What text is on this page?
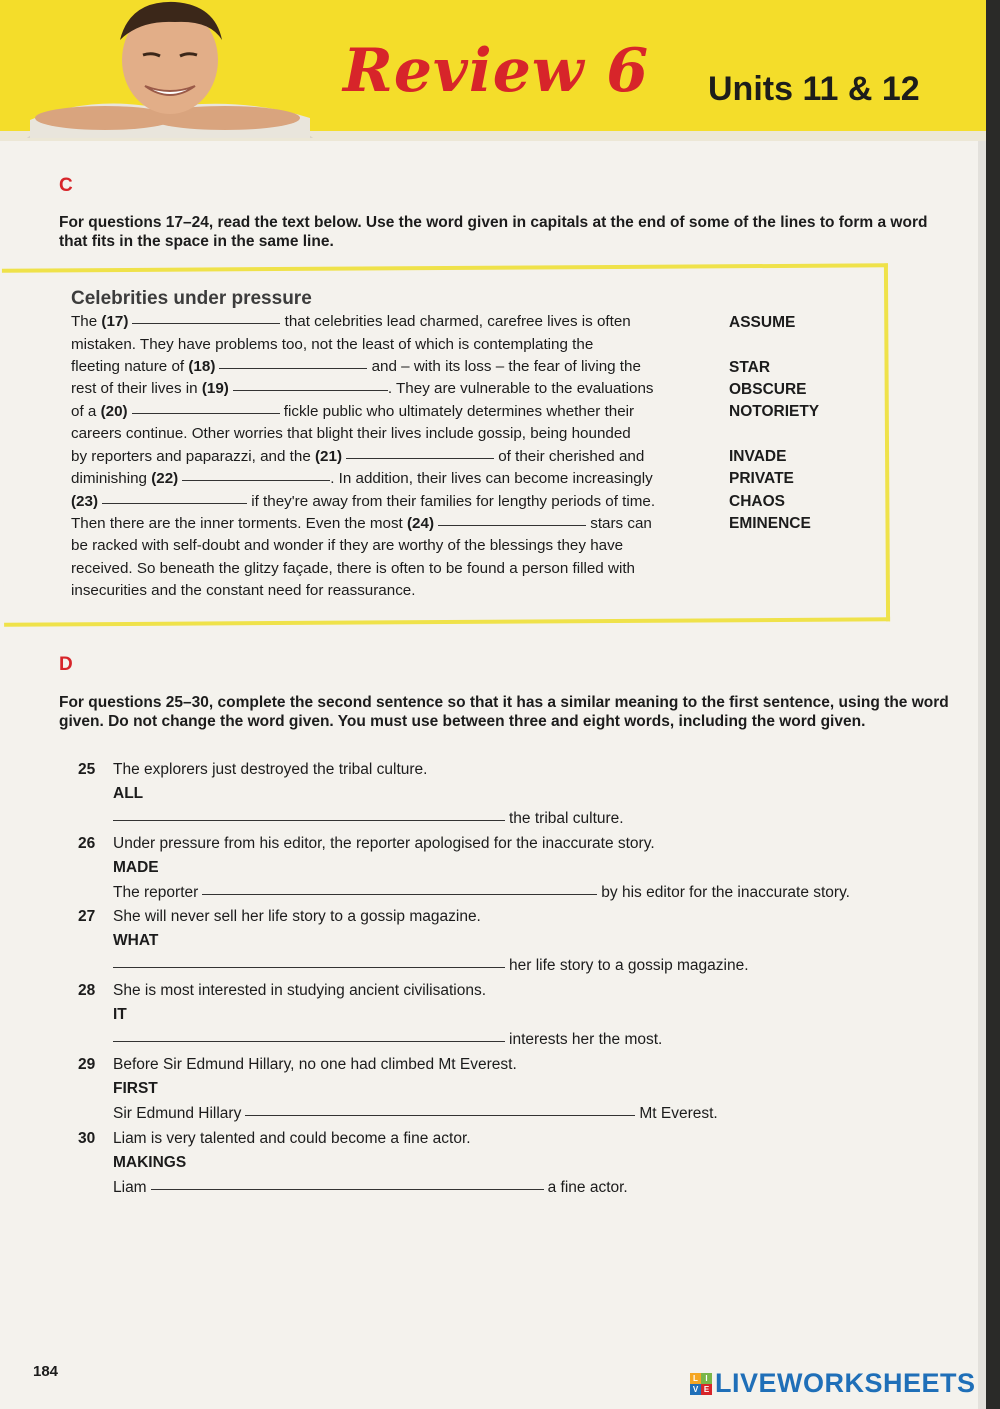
Review 6 Units 11 & 12
C

For questions 17–24, read the text below. Use the word given in capitals at the end of some of the lines to form a word that fits in the space in the same line.

Celebrities under pressure
The (17)	that celebrities lead charmed, carefree lives is often
mistaken. They have problems too, not the least of which is contemplating the
fleeting nature of (18)	and – with its loss – the fear of living the
rest of their lives in (19)	. They are vulnerable to the evaluations
of a (20)	fickle public who ultimately determines whether their
careers continue. Other worries that blight their lives include gossip, being hounded
by reporters and paparazzi, and the (21)	of their cherished and
diminishing (22)	. In addition, their lives can become increasingly
(23)	if they're away from their families for lengthy periods of time.
Then there are the inner torments. Even the most (24)	stars can
be racked with self-doubt and wonder if they are worthy of the blessings they have
received. So beneath the glitzy façade, there is often to be found a person filled with
insecurities and the constant need for reassurance.
ASSUME
STAR
OBSCURE
NOTORIETY
INVADE
PRIVATE
CHAOS
EMINENCE
D

For questions 25–30, complete the second sentence so that it has a similar meaning to the first sentence, using the word given. Do not change the word given. You must use between three and eight words, including the word given.

25 The explorers just destroyed the tribal culture.
ALL
the tribal culture.
26 Under pressure from his editor, the reporter apologised for the inaccurate story.
MADE
The reporter	by his editor for the inaccurate story.
27 She will never sell her life story to a gossip magazine.
WHAT
her life story to a gossip magazine.
28 She is most interested in studying ancient civilisations.
IT
interests her the most.
29 Before Sir Edmund Hillary, no one had climbed Mt Everest.
FIRST
Sir Edmund Hillary	Mt Everest.
30 Liam is very talented and could become a fine actor.
MAKINGS
Liam	a fine actor.
184	L I
V E LIVEWORKSHEETS
